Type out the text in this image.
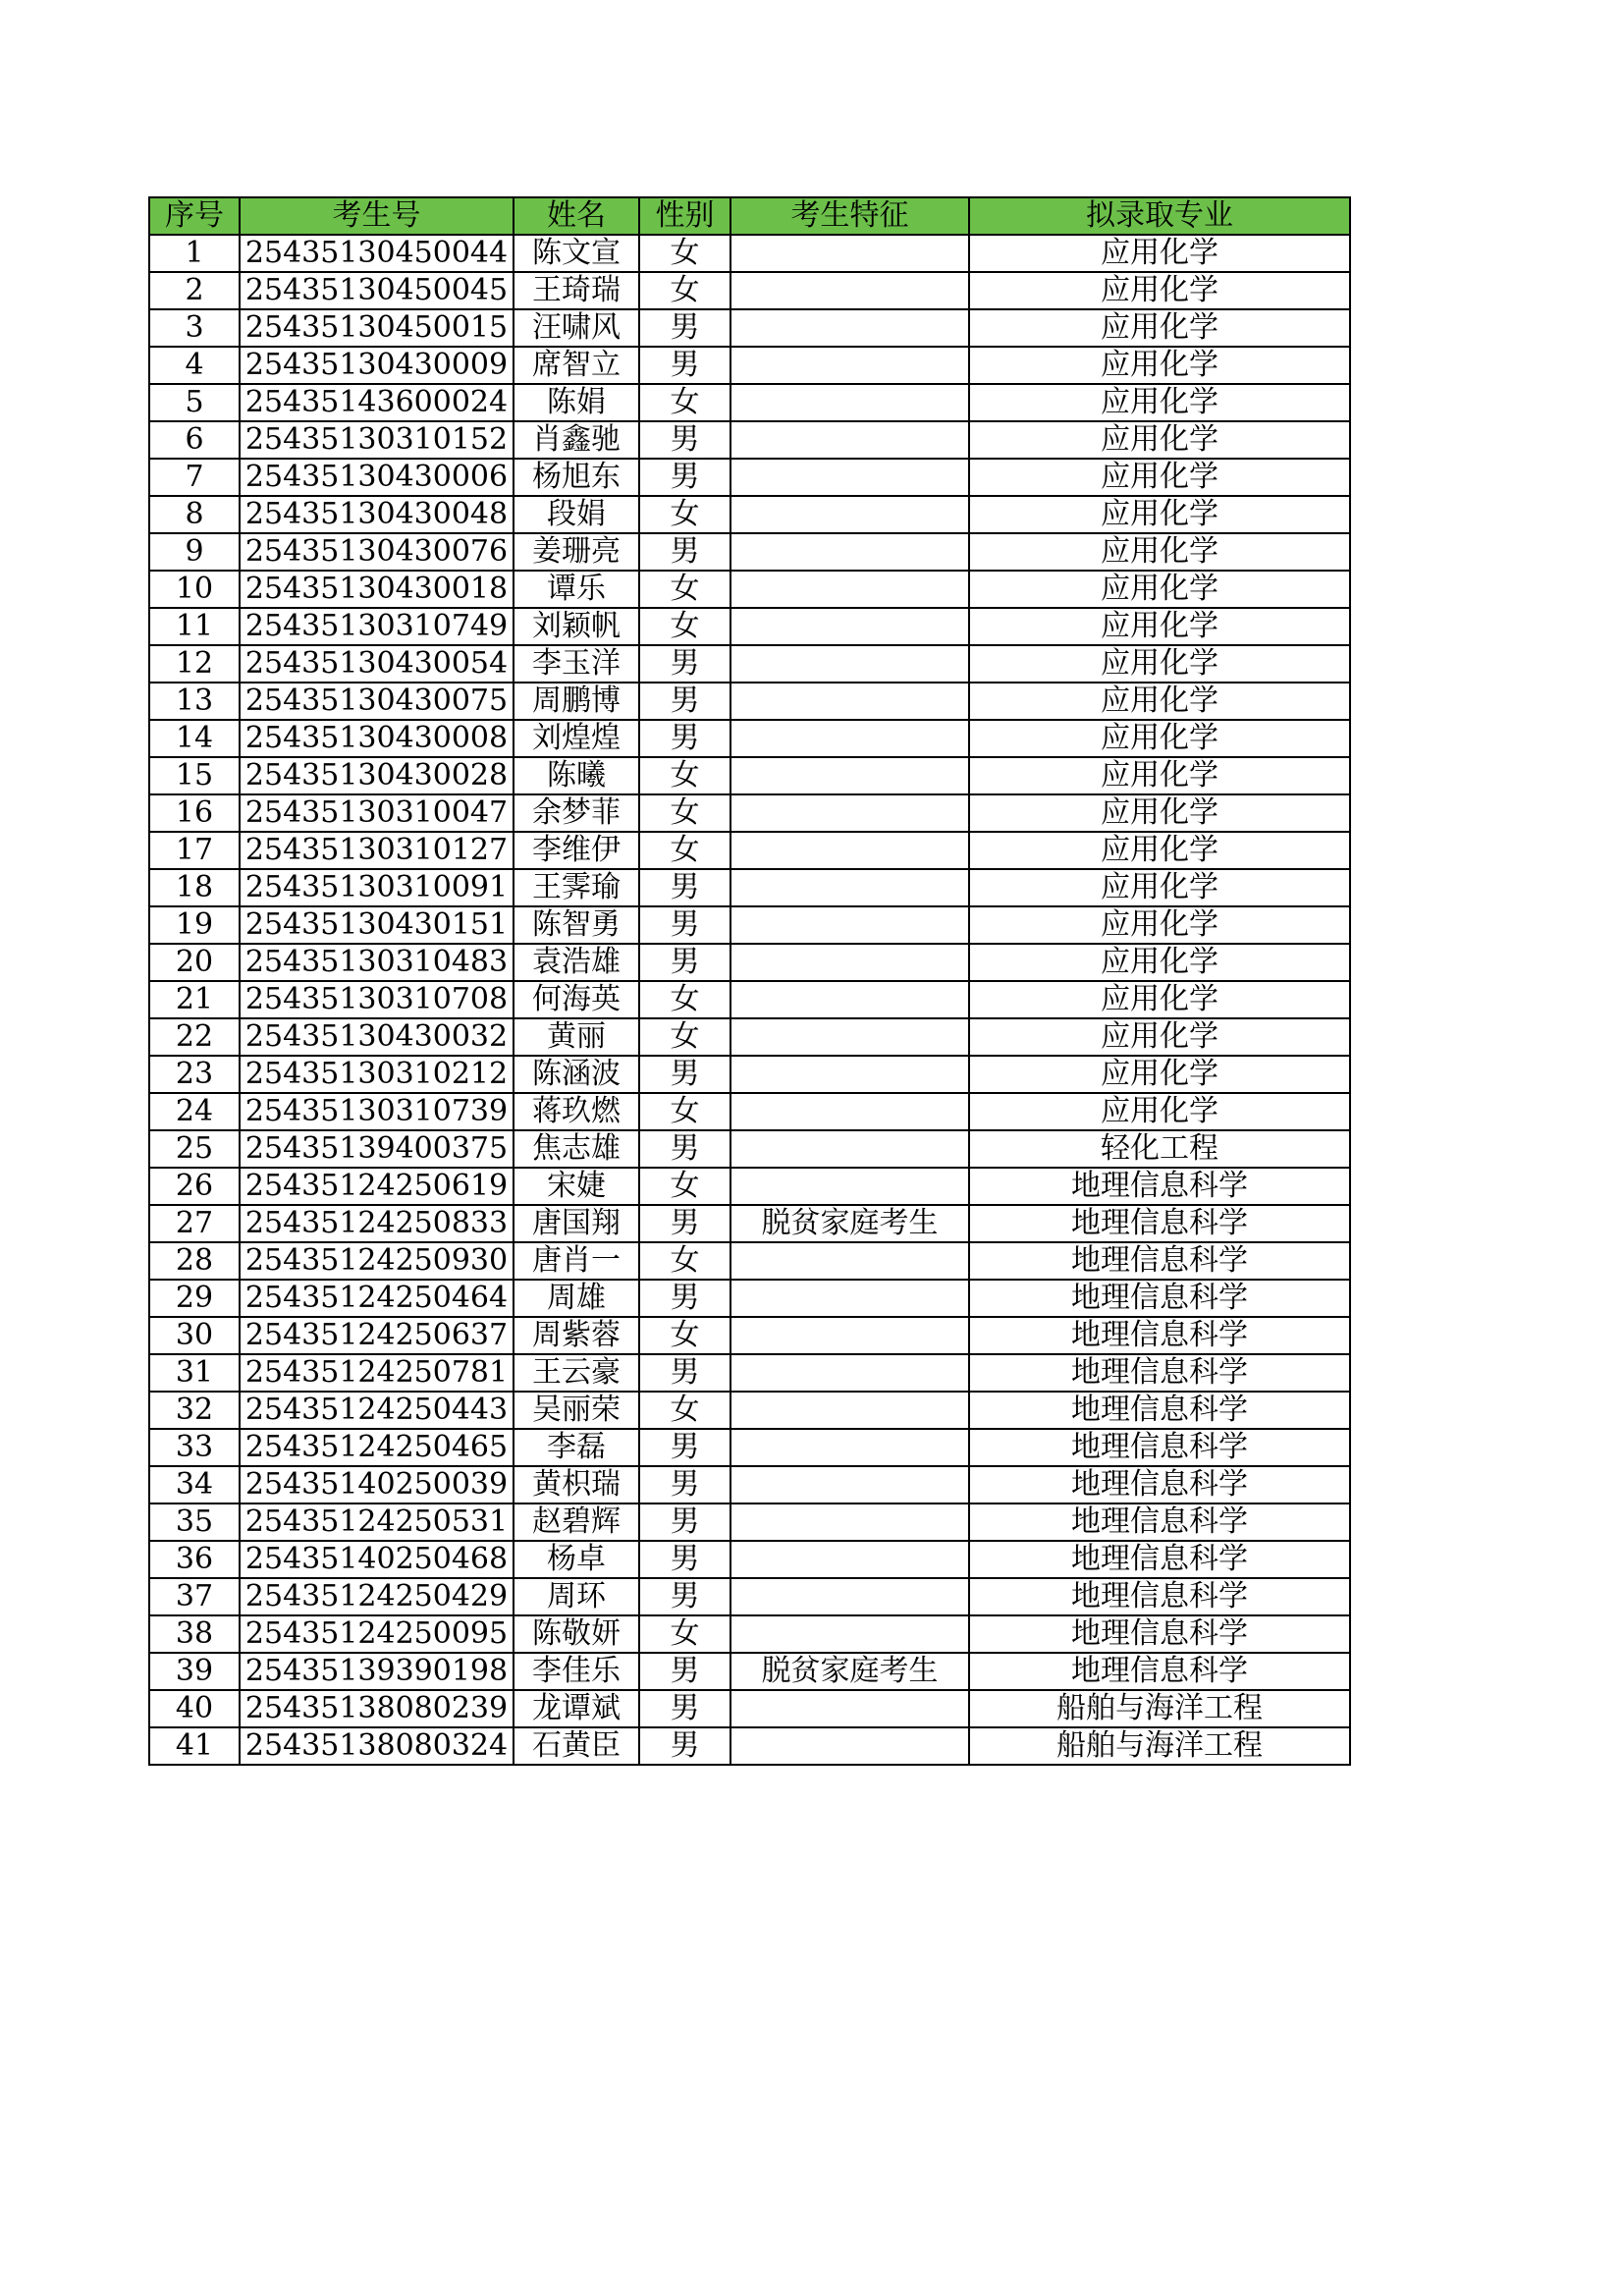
序号	考生号	姓名	性别	考生特征	拟录取专业
1	25435130450044	陈文宣	女		应用化学
2	25435130450045	王琦瑞	女		应用化学
3	25435130450015	汪啸风	男		应用化学
4	25435130430009	席智立	男		应用化学
5	25435143600024	陈娟	女		应用化学
6	25435130310152	肖鑫驰	男		应用化学
7	25435130430006	杨旭东	男		应用化学
8	25435130430048	段娟	女		应用化学
9	25435130430076	姜珊亮	男		应用化学
10	25435130430018	谭乐	女		应用化学
11	25435130310749	刘颖帆	女		应用化学
12	25435130430054	李玉洋	男		应用化学
13	25435130430075	周鹏博	男		应用化学
14	25435130430008	刘煌煌	男		应用化学
15	25435130430028	陈曦	女		应用化学
16	25435130310047	余梦菲	女		应用化学
17	25435130310127	李维伊	女		应用化学
18	25435130310091	王霁瑜	男		应用化学
19	25435130430151	陈智勇	男		应用化学
20	25435130310483	袁浩雄	男		应用化学
21	25435130310708	何海英	女		应用化学
22	25435130430032	黄丽	女		应用化学
23	25435130310212	陈涵波	男		应用化学
24	25435130310739	蒋玖燃	女		应用化学
25	25435139400375	焦志雄	男		轻化工程
26	25435124250619	宋婕	女		地理信息科学
27	25435124250833	唐国翔	男	脱贫家庭考生	地理信息科学
28	25435124250930	唐肖一	女		地理信息科学
29	25435124250464	周雄	男		地理信息科学
30	25435124250637	周紫蓉	女		地理信息科学
31	25435124250781	王云豪	男		地理信息科学
32	25435124250443	吴丽荣	女		地理信息科学
33	25435124250465	李磊	男		地理信息科学
34	25435140250039	黄枳瑞	男		地理信息科学
35	25435124250531	赵碧辉	男		地理信息科学
36	25435140250468	杨卓	男		地理信息科学
37	25435124250429	周环	男		地理信息科学
38	25435124250095	陈敬妍	女		地理信息科学
39	25435139390198	李佳乐	男	脱贫家庭考生	地理信息科学
40	25435138080239	龙谭斌	男		船舶与海洋工程
41	25435138080324	石黄臣	男		船舶与海洋工程
